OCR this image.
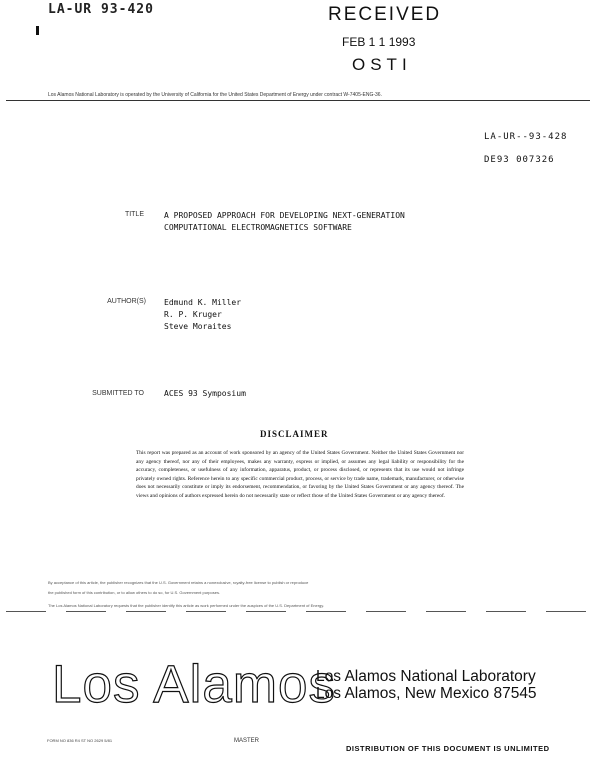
LA-UR 93-420	RECEIVED
FEB 1 1 1993
OSTI
Los Alamos National Laboratory is operated by the University of California for the United States Department of Energy under contract W-7405-ENG-36.
LA-UR--93-428
DE93 007326
TITLE	A PROPOSED APPROACH FOR DEVELOPING NEXT-GENERATION
COMPUTATIONAL ELECTROMAGNETICS SOFTWARE
AUTHOR(S) Edmund K. Miller
R. P. Kruger
Steve Moraites
SUBMITTED TO	ACES 93 Symposium
DISCLAIMER
This report was prepared as an account of work sponsored by an agency of the United States Government. Neither the United States Government nor any agency thereof, nor any of their employees, makes any warranty, express or implied, or assumes any legal liability or responsibility for the accuracy, completeness, or usefulness of any information, apparatus, product, or process disclosed, or represents that its use would not infringe privately owned rights. Reference herein to any specific commercial product, process, or service by trade name, trademark, manufacturer, or otherwise does not necessarily constitute or imply its endorsement, recommendation, or favoring by the United States Government or any agency thereof. The views and opinions of authors expressed herein do not necessarily state or reflect those of the United States Government or any agency thereof.
By acceptance of this article, the publisher recognizes that the U.S. Government retains a nonexclusive, royalty-free license to publish or reproduce
the published form of this contribution, or to allow others to do so, for U.S. Government purposes.
The Los Alamos National Laboratory requests that the publisher identify this article as work performed under the auspices of the U.S. Department of Energy.
Los Alamos
Los Alamos National Laboratory
Los Alamos, New Mexico 87545
FORM NO 836 R4 ST NO 2629 5/81	MASTER
DISTRIBUTION OF THIS DOCUMENT IS UNLIMITED
